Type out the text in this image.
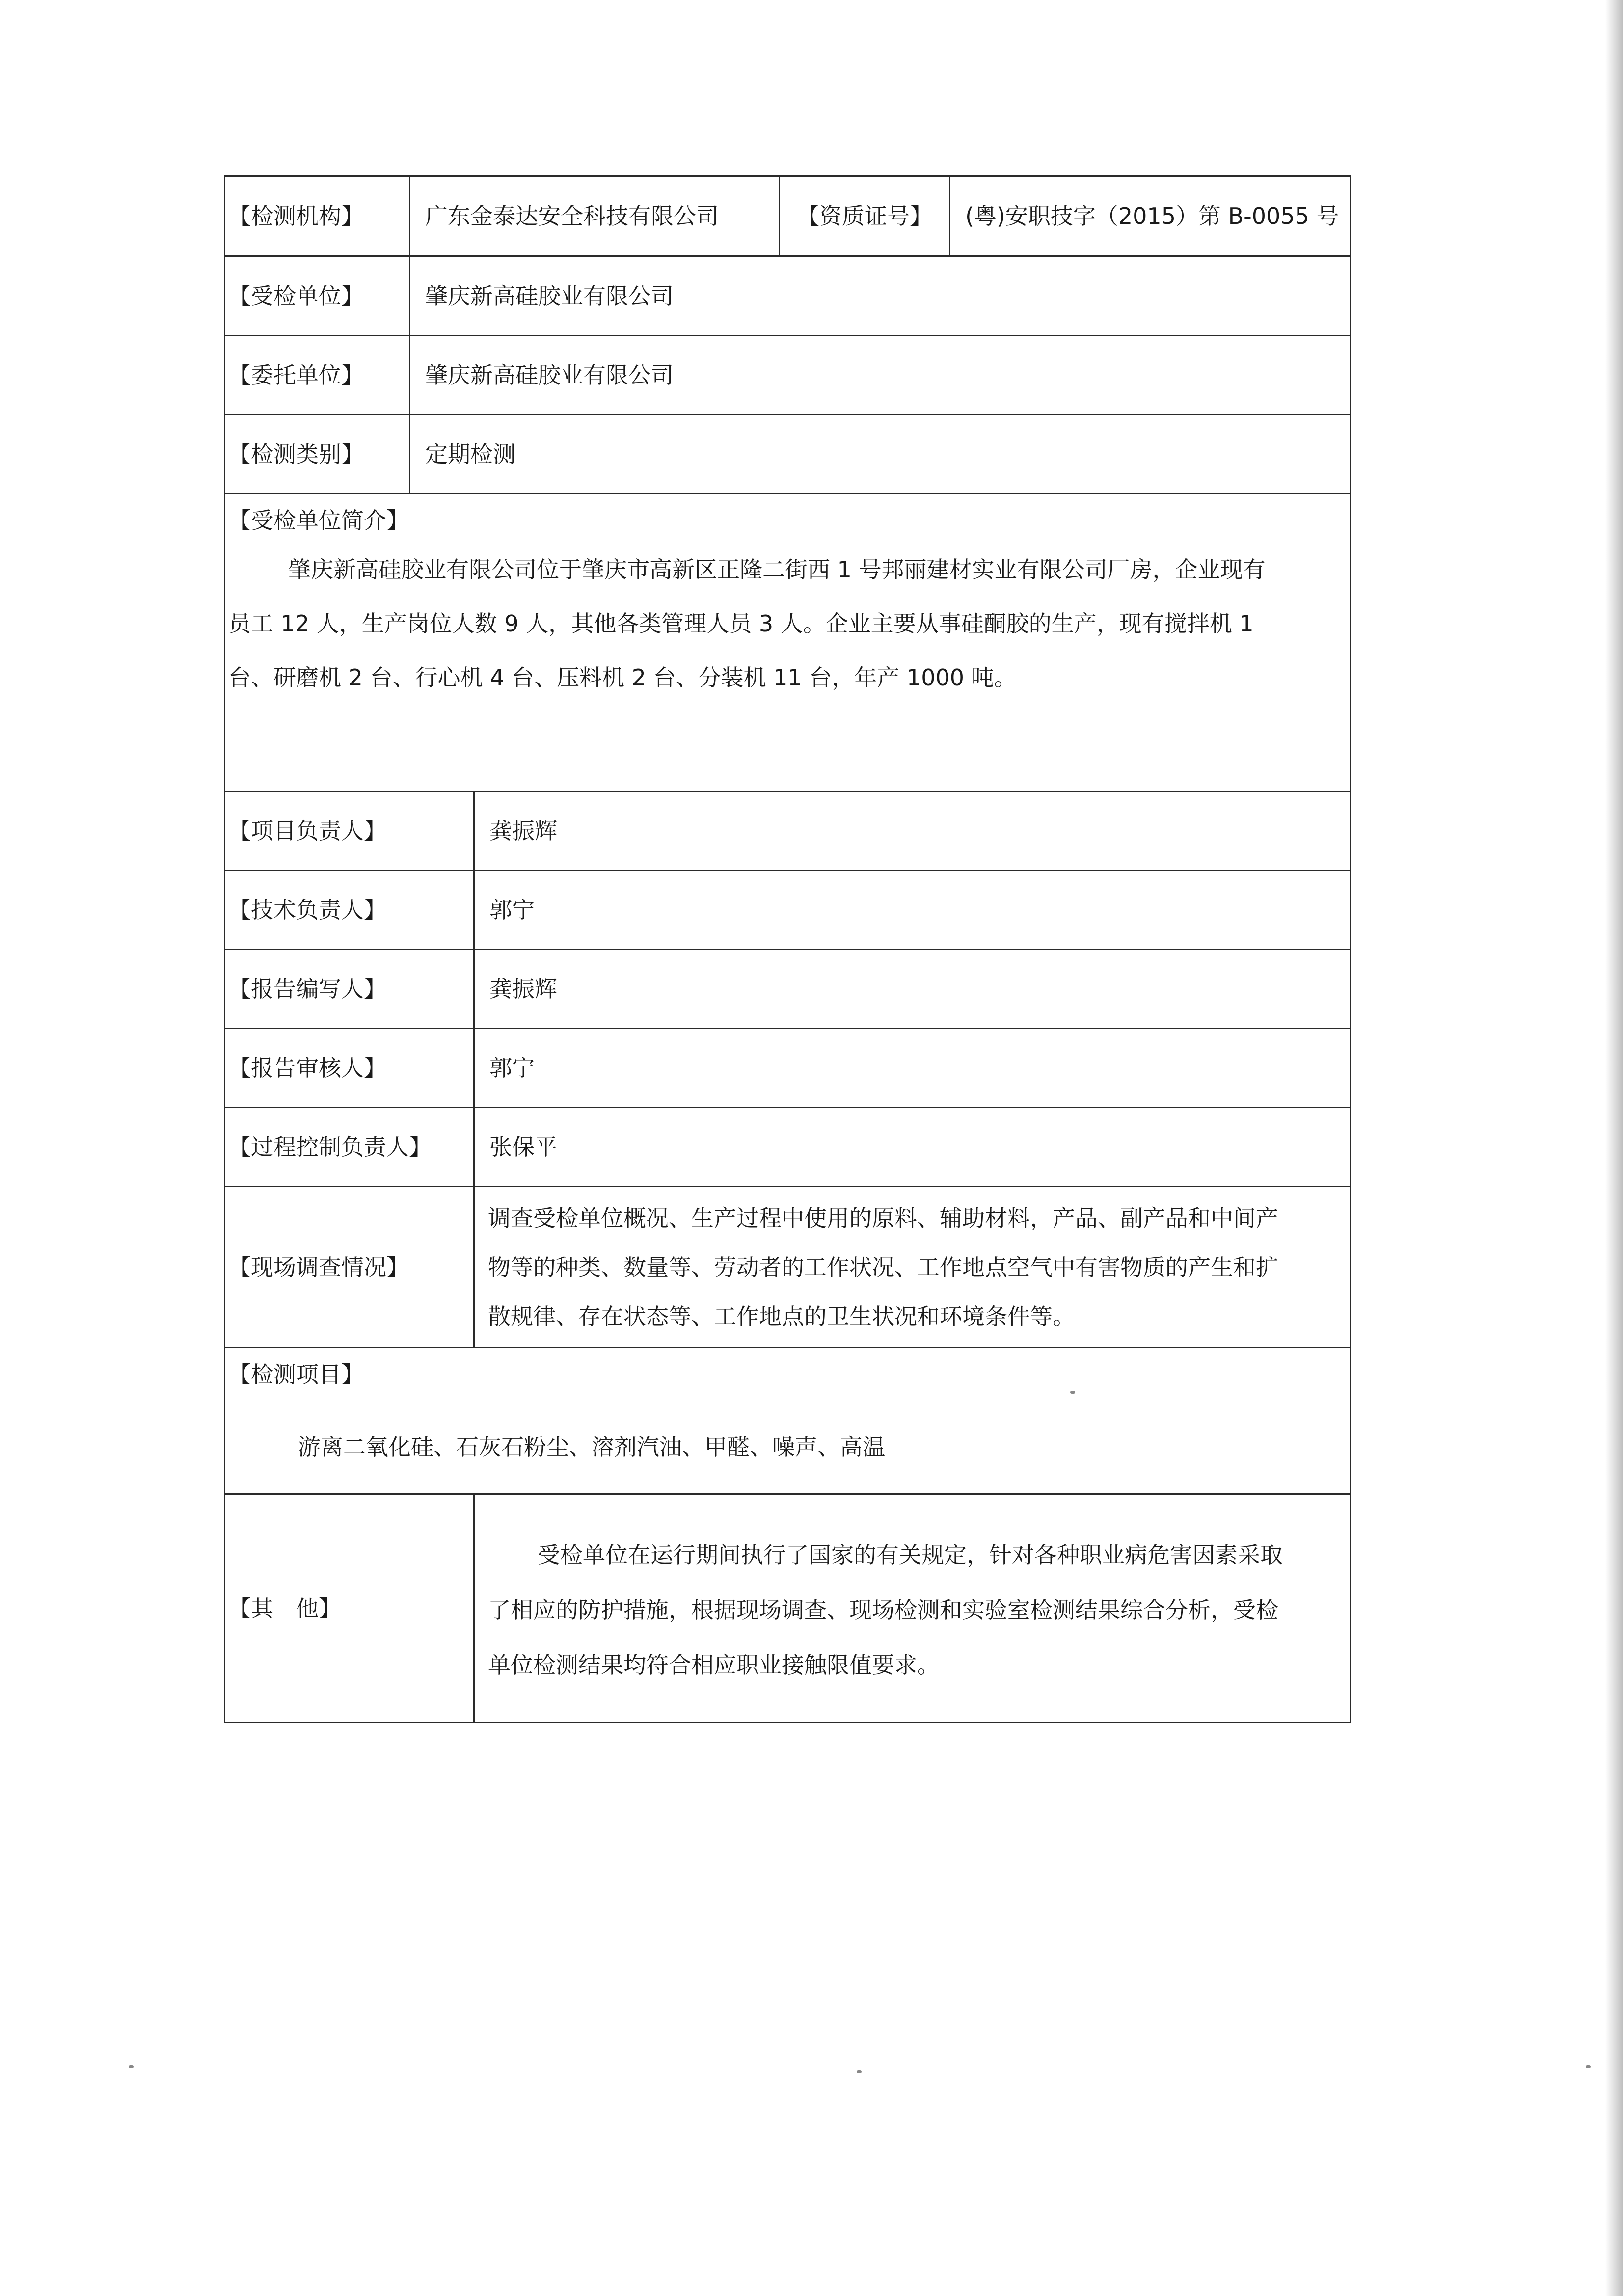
【检测机构】	广东金泰达安全科技有限公司	【资质证号】	(粤)安职技字（2015）第 B-0055 号
【受检单位】	肇庆新高硅胶业有限公司
【委托单位】	肇庆新高硅胶业有限公司
【检测类别】	定期检测
【受检单位简介】
肇庆新高硅胶业有限公司位于肇庆市高新区正隆二街西 1 号邦丽建材实业有限公司厂房，企业现有
员工 12 人，生产岗位人数 9 人，其他各类管理人员 3 人。企业主要从事硅酮胶的生产，现有搅拌机 1
台、研磨机 2 台、行心机 4 台、压料机 2 台、分装机 11 台，年产 1000 吨。
【项目负责人】	龚振辉
【技术负责人】	郭宁
【报告编写人】	龚振辉
【报告审核人】	郭宁
【过程控制负责人】	张保平
【现场调查情况】
调查受检单位概况、生产过程中使用的原料、辅助材料，产品、副产品和中间产
物等的种类、数量等、劳动者的工作状况、工作地点空气中有害物质的产生和扩
散规律、存在状态等、工作地点的卫生状况和环境条件等。
【检测项目】
游离二氧化硅、石灰石粉尘、溶剂汽油、甲醛、噪声、高温
【其　他】
受检单位在运行期间执行了国家的有关规定，针对各种职业病危害因素采取
了相应的防护措施，根据现场调查、现场检测和实验室检测结果综合分析，受检
单位检测结果均符合相应职业接触限值要求。
